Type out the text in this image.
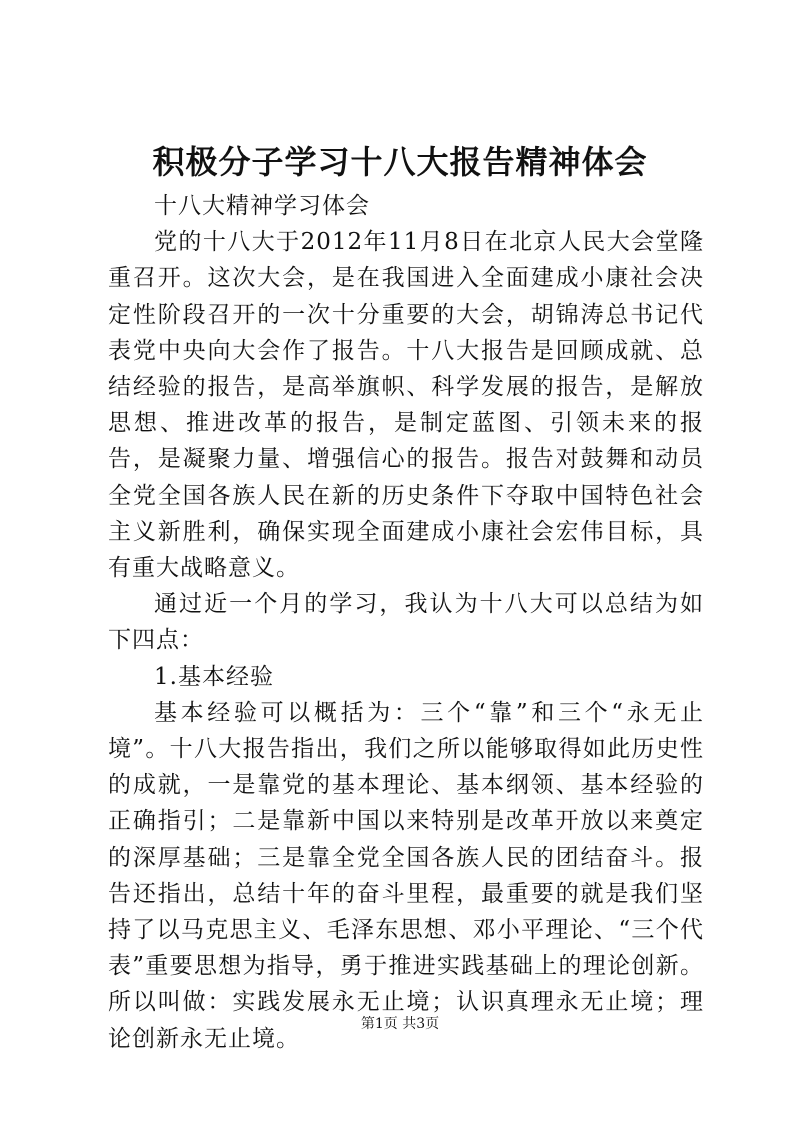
积极分子学习十八大报告精神体会

十八大精神学习体会

党的十八大于2012年11月8日在北京人民大会堂隆重召开。这次大会，是在我国进入全面建成小康社会决定性阶段召开的一次十分重要的大会，胡锦涛总书记代表党中央向大会作了报告。十八大报告是回顾成就、总结经验的报告，是高举旗帜、科学发展的报告，是解放思想、推进改革的报告，是制定蓝图、引领未来的报告，是凝聚力量、增强信心的报告。报告对鼓舞和动员全党全国各族人民在新的历史条件下夺取中国特色社会主义新胜利，确保实现全面建成小康社会宏伟目标，具有重大战略意义。

通过近一个月的学习，我认为十八大可以总结为如下四点：

1.基本经验

基本经验可以概括为：三个“靠”和三个“永无止境”。十八大报告指出，我们之所以能够取得如此历史性的成就，一是靠党的基本理论、基本纲领、基本经验的正确指引；二是靠新中国以来特别是改革开放以来奠定的深厚基础；三是靠全党全国各族人民的团结奋斗。报告还指出，总结十年的奋斗里程，最重要的就是我们坚持了以马克思主义、毛泽东思想、邓小平理论、“三个代表”重要思想为指导，勇于推进实践基础上的理论创新。所以叫做：实践发展永无止境；认识真理永无止境；理论创新永无止境。

第1页 共3页
